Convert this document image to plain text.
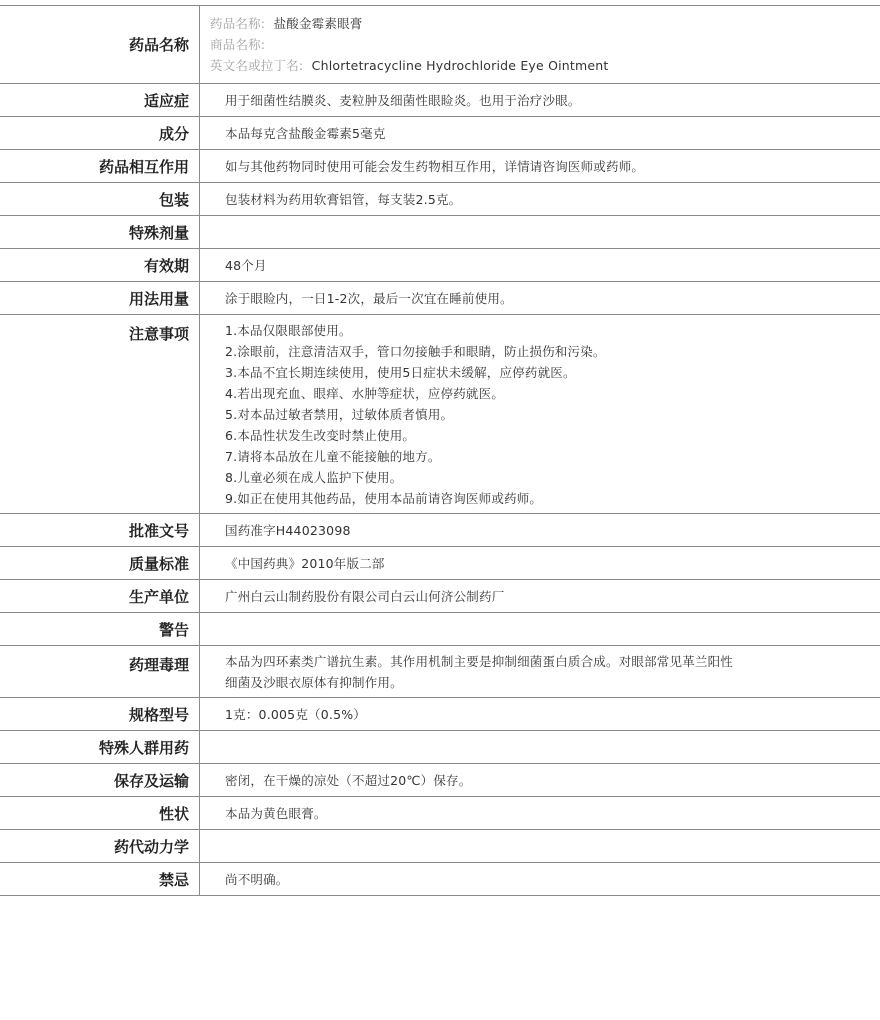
药品名称
药品名称: 盐酸金霉素眼膏
商品名称:
英文名或拉丁名: Chlortetracycline Hydrochloride Eye Ointment
适应症	用于细菌性结膜炎、麦粒肿及细菌性眼睑炎。也用于治疗沙眼。
成分	本品每克含盐酸金霉素5毫克
药品相互作用	如与其他药物同时使用可能会发生药物相互作用，详情请咨询医师或药师。
包装	包装材料为药用软膏铝管，每支装2.5克。
特殊剂量
有效期	48个月
用法用量	涂于眼睑内，一日1-2次，最后一次宜在睡前使用。
注意事项	1.本品仅限眼部使用。
2.涂眼前，注意清洁双手，管口勿接触手和眼睛，防止损伤和污染。
3.本品不宜长期连续使用，使用5日症状未缓解，应停药就医。
4.若出现充血、眼痒、水肿等症状，应停药就医。
5.对本品过敏者禁用，过敏体质者慎用。
6.本品性状发生改变时禁止使用。
7.请将本品放在儿童不能接触的地方。
8.儿童必须在成人监护下使用。
9.如正在使用其他药品，使用本品前请咨询医师或药师。
批准文号	国药准字H44023098
质量标准	《中国药典》2010年版二部
生产单位	广州白云山制药股份有限公司白云山何济公制药厂
警告
药理毒理	本品为四环素类广谱抗生素。其作用机制主要是抑制细菌蛋白质合成。对眼部常见革兰阳性
细菌及沙眼衣原体有抑制作用。
规格型号	1克：0.005克（0.5%）
特殊人群用药
保存及运输	密闭，在干燥的凉处（不超过20℃）保存。
性状	本品为黄色眼膏。
药代动力学
禁忌	尚不明确。
